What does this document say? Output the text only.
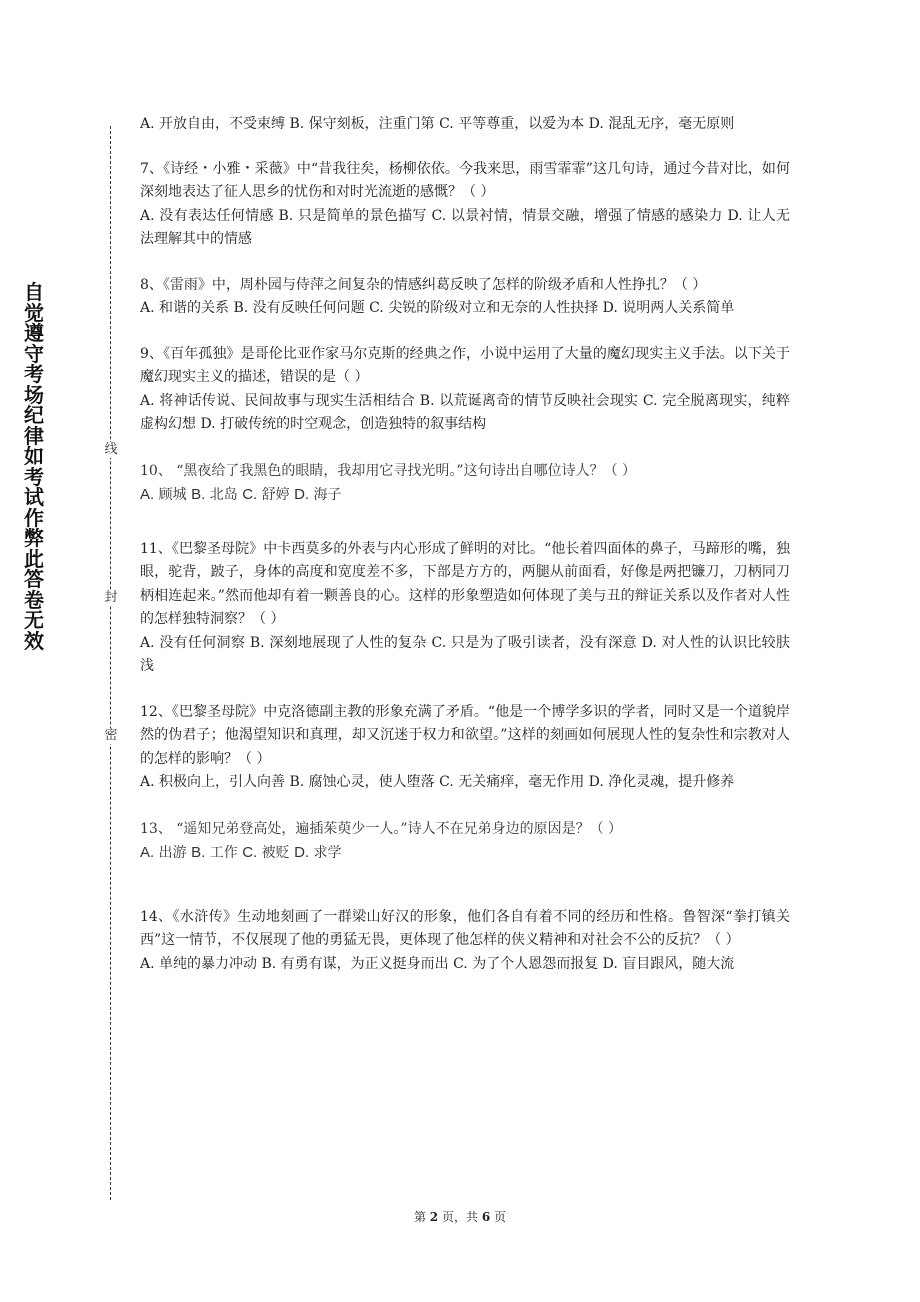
线
封
密
自
觉
遵
守
考
场
纪
律
如
考
试
作
弊
此
答
卷
无
效

A. 开放自由，不受束缚 B. 保守刻板，注重门第 C. 平等尊重，以爱为本 D. 混乱无序，毫无原则

7、《诗经・小雅・采薇》中“昔我往矣，杨柳依依。今我来思，雨雪霏霏”这几句诗，通过今昔对比，如何深刻地表达了征人思乡的忧伤和对时光流逝的感慨？（ ）

A. 没有表达任何情感 B. 只是简单的景色描写 C. 以景衬情，情景交融，增强了情感的感染力 D. 让人无法理解其中的情感

8、《雷雨》中，周朴园与侍萍之间复杂的情感纠葛反映了怎样的阶级矛盾和人性挣扎？（ ）

A. 和谐的关系 B. 没有反映任何问题 C. 尖锐的阶级对立和无奈的人性抉择 D. 说明两人关系简单

9、《百年孤独》是哥伦比亚作家马尔克斯的经典之作，小说中运用了大量的魔幻现实主义手法。以下关于魔幻现实主义的描述，错误的是（ ）

A. 将神话传说、民间故事与现实生活相结合 B. 以荒诞离奇的情节反映社会现实 C. 完全脱离现实，纯粹虚构幻想 D. 打破传统的时空观念，创造独特的叙事结构

10、 “黑夜给了我黑色的眼睛，我却用它寻找光明。”这句诗出自哪位诗人？（ ）

A. 顾城 B. 北岛 C. 舒婷 D. 海子

11、《巴黎圣母院》中卡西莫多的外表与内心形成了鲜明的对比。“他长着四面体的鼻子，马蹄形的嘴，独眼，驼背，跛子，身体的高度和宽度差不多，下部是方方的，两腿从前面看，好像是两把镰刀，刀柄同刀柄相连起来。”然而他却有着一颗善良的心。这样的形象塑造如何体现了美与丑的辩证关系以及作者对人性的怎样独特洞察？（ ）

A. 没有任何洞察 B. 深刻地展现了人性的复杂 C. 只是为了吸引读者，没有深意 D. 对人性的认识比较肤浅

12、《巴黎圣母院》中克洛德副主教的形象充满了矛盾。“他是一个博学多识的学者，同时又是一个道貌岸然的伪君子；他渴望知识和真理，却又沉迷于权力和欲望。”这样的刻画如何展现人性的复杂性和宗教对人的怎样的影响？（ ）

A. 积极向上，引人向善 B. 腐蚀心灵，使人堕落 C. 无关痛痒，毫无作用 D. 净化灵魂，提升修养

13、 “遥知兄弟登高处，遍插茱萸少一人。”诗人不在兄弟身边的原因是？（ ）

A. 出游 B. 工作 C. 被贬 D. 求学

14、《水浒传》生动地刻画了一群梁山好汉的形象，他们各自有着不同的经历和性格。鲁智深“拳打镇关西”这一情节，不仅展现了他的勇猛无畏，更体现了他怎样的侠义精神和对社会不公的反抗？（ ）

A. 单纯的暴力冲动 B. 有勇有谋，为正义挺身而出 C. 为了个人恩怨而报复 D. 盲目跟风，随大流

第 2 页，共 6 页
